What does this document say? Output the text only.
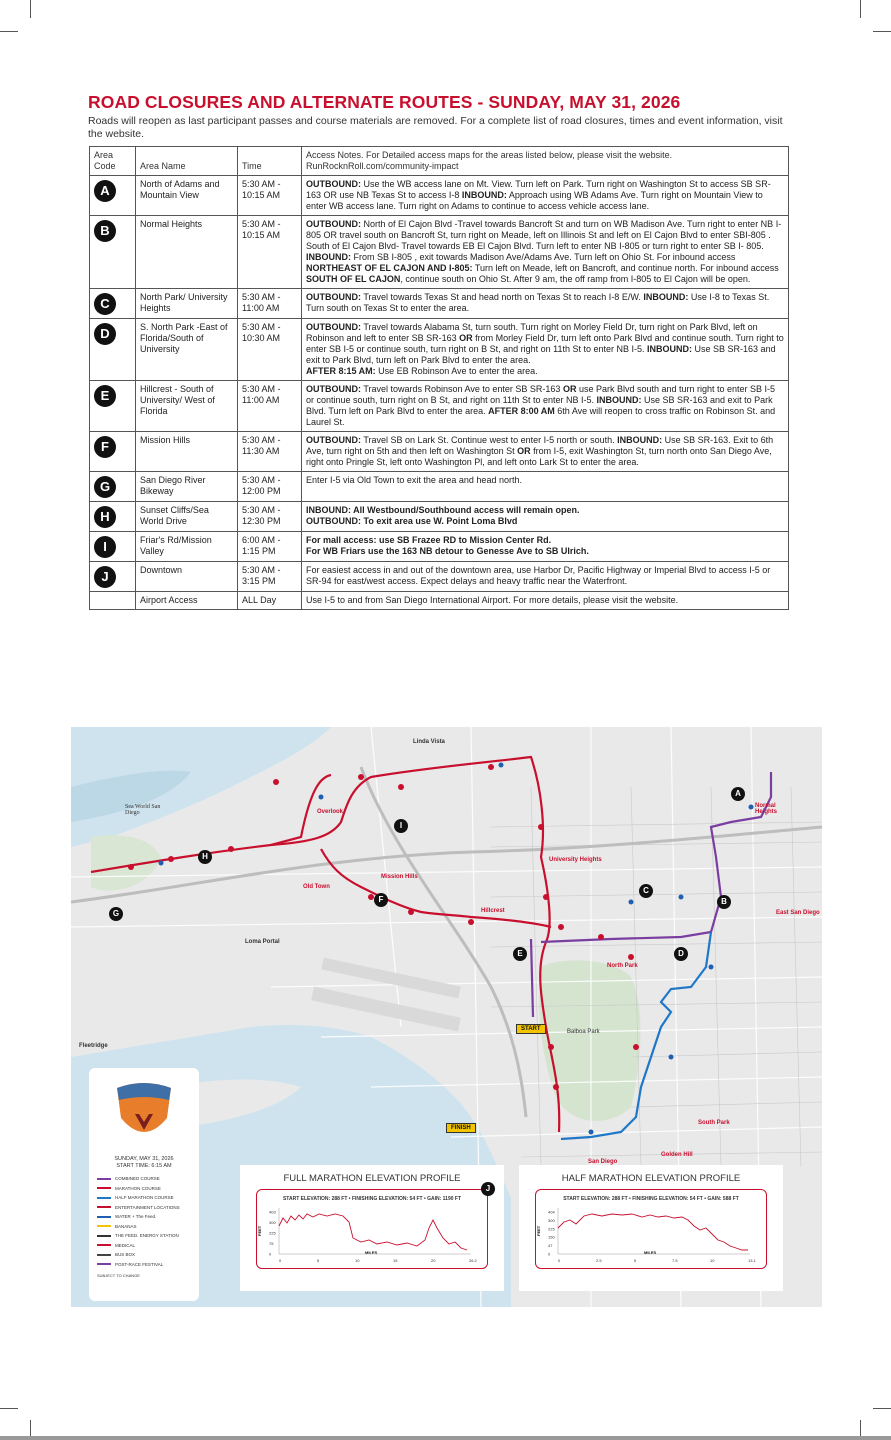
ROAD CLOSURES AND ALTERNATE ROUTES - SUNDAY, MAY 31, 2026
Roads will reopen as last participant passes and course materials are removed. For a complete list of road closures, times and event information, visit the website.
Area Code	Area Name	Time	Access Notes. For Detailed access maps for the areas listed below, please visit the website.
RunRocknRoll.com/community-impact
A	North of Adams and Mountain View	5:30 AM - 10:15 AM	OUTBOUND: Use the WB access lane on Mt. View. Turn left on Park. Turn right on Washington St to access SB SR-163 OR use NB Texas St to access I-8 INBOUND: Approach using WB Adams Ave. Turn right on Mountain View to enter WB access lane. Turn right on Adams to continue to access vehicle access lane.
B	Normal Heights	5:30 AM - 10:15 AM	OUTBOUND: North of El Cajon Blvd -Travel towards Bancroft St and turn on WB Madison Ave. Turn right to enter NB I-805 OR travel south on Bancroft St, turn right on Meade, left on Illinois St and left on El Cajon Blvd to enter SBI-805 . South of El Cajon Blvd- Travel towards EB El Cajon Blvd. Turn left to enter NB I-805 or turn right to enter SB I- 805. INBOUND: From SB I-805 , exit towards Madison Ave/Adams Ave. Turn left on Ohio St. For inbound access NORTHEAST OF EL CAJON AND I-805: Turn left on Meade, left on Bancroft, and continue north. For inbound access SOUTH OF EL CAJON, continue south on Ohio St. After 9 am, the off ramp from I-805 to El Cajon will be open.
C	North Park/ University Heights	5:30 AM - 11:00 AM	OUTBOUND: Travel towards Texas St and head north on Texas St to reach I-8 E/W. INBOUND: Use I-8 to Texas St. Turn south on Texas St to enter the area.
D	S. North Park -East of Florida/South of University	5:30 AM - 10:30 AM	OUTBOUND: Travel towards Alabama St, turn south. Turn right on Morley Field Dr, turn right on Park Blvd, left on Robinson and left to enter SB SR-163 OR from Morley Field Dr, turn left onto Park Blvd and continue south. Turn right to enter SB I-5 or continue south, turn right on B St, and right on 11th St to enter NB I-5. INBOUND: Use SB SR-163 and exit to Park Blvd, turn left on Park Blvd to enter the area.
AFTER 8:15 AM: Use EB Robinson Ave to enter the area.
E	Hillcrest - South of University/ West of Florida	5:30 AM - 11:00 AM	OUTBOUND: Travel towards Robinson Ave to enter SB SR-163 OR use Park Blvd south and turn right to enter SB I-5 or continue south, turn right on B St, and right on 11th St to enter NB I-5. INBOUND: Use SB SR-163 and exit to Park Blvd. Turn left on Park Blvd to enter the area. AFTER 8:00 AM 6th Ave will reopen to cross traffic on Robinson St. and Laurel St.
F	Mission Hills	5:30 AM - 11:30 AM	OUTBOUND: Travel SB on Lark St. Continue west to enter I-5 north or south. INBOUND: Use SB SR-163. Exit to 6th Ave, turn right on 5th and then left on Washington St OR from I-5, exit Washington St, turn north onto San Diego Ave, right onto Pringle St, left onto Washington Pl, and left onto Lark St to enter the area.
G	San Diego River Bikeway	5:30 AM - 12:00 PM	Enter I-5 via Old Town to exit the area and head north.
H	Sunset Cliffs/Sea World Drive	5:30 AM - 12:30 PM	INBOUND: All Westbound/Southbound access will remain open.
OUTBOUND: To exit area use W. Point Loma Blvd
I	Friar's Rd/Mission Valley	6:00 AM - 1:15 PM	For mall access: use SB Frazee RD to Mission Center Rd.
For WB Friars use the 163 NB detour to Genesse Ave to SB Ulrich.
J	Downtown	5:30 AM - 3:15 PM	For easiest access in and out of the downtown area, use Harbor Dr, Pacific Highway or Imperial Blvd to access I-5 or SR-94 for east/west access. Expect delays and heavy traffic near the Waterfront.
	Airport Access	ALL Day	Use I-5 to and from San Diego International Airport. For more details, please visit the website.
Linda Vista
Overlook
Sea World San Diego
Mission Hills
Old Town
Loma Portal
Hillcrest
University Heights
North Park
East San Diego
Normal Heights
South Park
Golden Hill
San Diego
Balboa Park
Fleetridge
A
B
C
D
E
F
G
H
I
START
FINISH
SUNDAY, MAY 31, 2026
START TIME: 6:15 AM
COMBINED COURSE
MARATHON COURSE
HALF MARATHON COURSE
ENTERTAINMENT LOCATIONS
WATER + The Feed.
BANANAS
THE FEED. ENERGY STATION
MEDICAL
BUS BOX
POST-RACE FESTIVAL
SUBJECT TO CHANGE
FULL MARATHON ELEVATION PROFILE
START ELEVATION: 288 FT • FINISHING ELEVATION: 54 FT • GAIN: 1190 FT
403
300
225
75
0
0	5	10	15	20	26.2
MILES
FEET
HALF MARATHON ELEVATION PROFILE
START ELEVATION: 288 FT • FINISHING ELEVATION: 54 FT • GAIN: 588 FT
404
300
225
150
47
0
0	2.5	5	7.5	10	13.1
MILES
FEET
J
